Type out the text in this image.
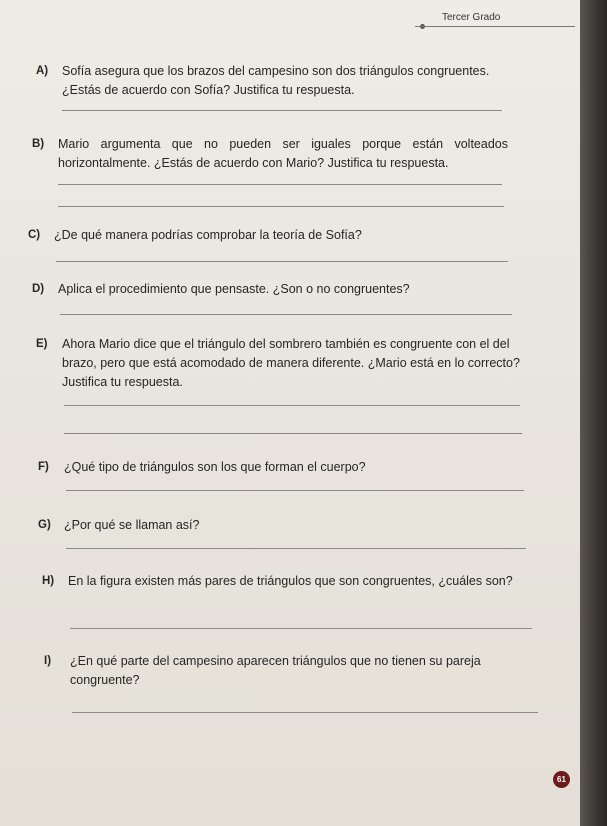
Tercer Grado
A) Sofía asegura que los brazos del campesino son dos triángulos congruentes. ¿Estás de acuerdo con Sofía? Justifica tu respuesta.
B) Mario argumenta que no pueden ser iguales porque están volteados horizontalmente. ¿Estás de acuerdo con Mario? Justifica tu respuesta.
C) ¿De qué manera podrías comprobar la teoría de Sofía?
D) Aplica el procedimiento que pensaste. ¿Son o no congruentes?
E) Ahora Mario dice que el triángulo del sombrero también es congruente con el del brazo, pero que está acomodado de manera diferente. ¿Mario está en lo correcto? Justifica tu respuesta.
F) ¿Qué tipo de triángulos son los que forman el cuerpo?
G) ¿Por qué se llaman así?
H) En la figura existen más pares de triángulos que son congruentes, ¿cuáles son?
I) ¿En qué parte del campesino aparecen triángulos que no tienen su pareja congruente?
61
